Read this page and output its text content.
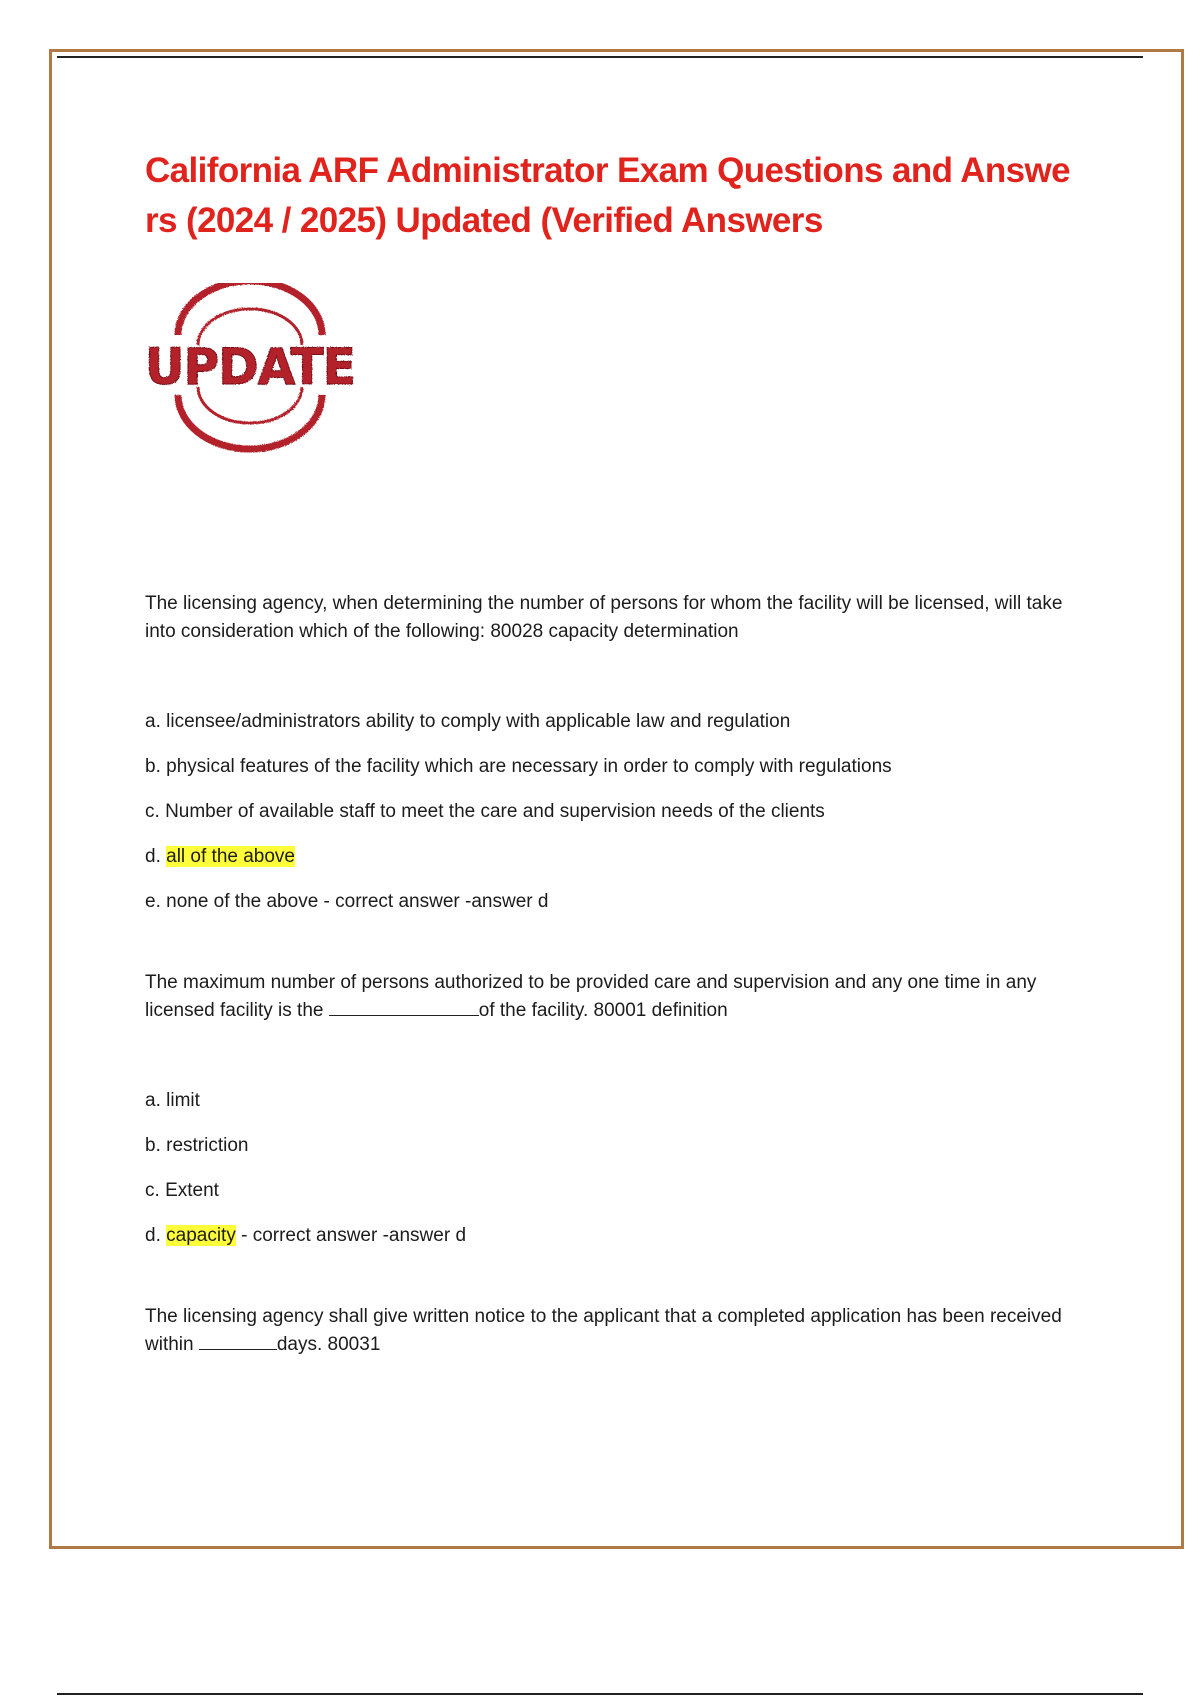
California ARF Administrator Exam Questions and Answers (2024 / 2025) Updated (Verified Answers
UPDATE

The licensing agency, when determining the number of persons for whom the facility will be licensed, will take into consideration which of the following: 80028 capacity determination

a. licensee/administrators ability to comply with applicable law and regulation
b. physical features of the facility which are necessary in order to comply with regulations
c. Number of available staff to meet the care and supervision needs of the clients
d. all of the above
e. none of the above - correct answer -answer d

The maximum number of persons authorized to be provided care and supervision and any one time in any licensed facility is the	of the facility. 80001 definition

a. limit
b. restriction
c. Extent
d. capacity - correct answer -answer d

The licensing agency shall give written notice to the applicant that a completed application has been received within	days. 80031
